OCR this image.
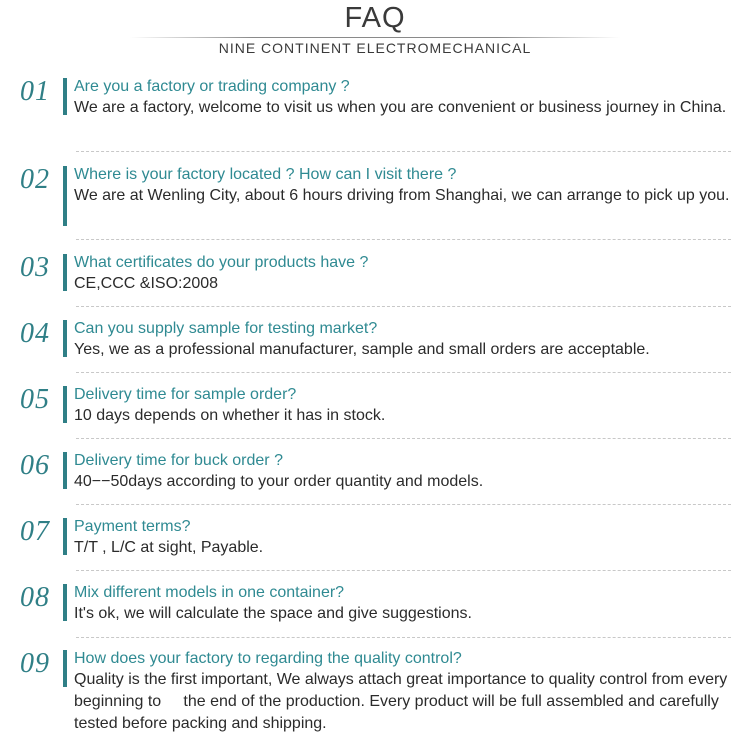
FAQ
NINE CONTINENT ELECTROMECHANICAL
01 Are you a factory or trading company ?
We are a factory, welcome to visit us when you are convenient or business journey in China.
02 Where is your factory located ? How can I visit there ?
We are at Wenling City, about 6 hours driving from Shanghai, we can arrange to pick up you.
03 What certificates do your products have ?
CE,CCC &ISO:2008
04 Can you supply sample for testing market?
Yes, we as a professional manufacturer, sample and small orders are acceptable.
05 Delivery time for sample order?
10 days depends on whether it has in stock.
06 Delivery time for buck order ?
40−−50days according to your order quantity and models.
07 Payment terms?
T/T , L/C at sight, Payable.
08 Mix different models in one container?
It's ok, we will calculate the space and give suggestions.
09 How does your factory to regarding the quality control?
Quality is the first important, We always attach great importance to quality control from every beginning to     the end of the production. Every product will be full assembled and carefully tested before packing and shipping.
